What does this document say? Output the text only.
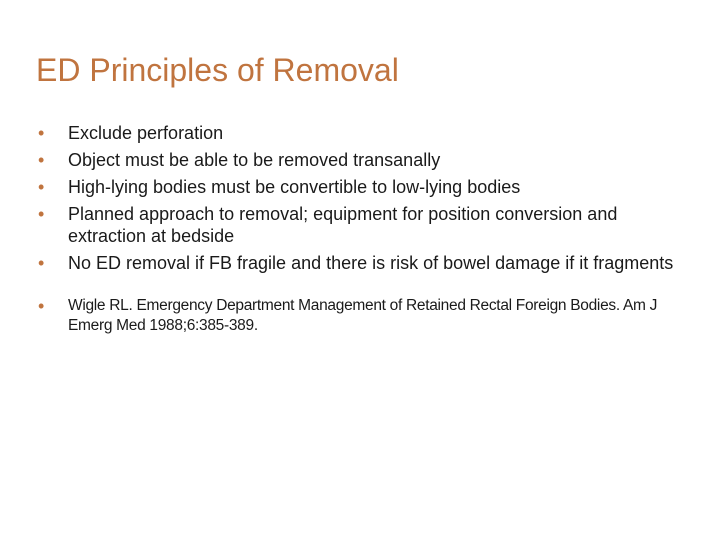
ED Principles of Removal
•	Exclude perforation
•	Object must be able to be removed transanally
•	High-lying bodies must be convertible to low-lying bodies
•	Planned approach to removal; equipment for position conversion and extraction at bedside
•	No ED removal if FB fragile and there is risk of bowel damage if it fragments
•	Wigle RL. Emergency Department Management of Retained Rectal Foreign Bodies. Am J Emerg Med 1988;6:385-389.
